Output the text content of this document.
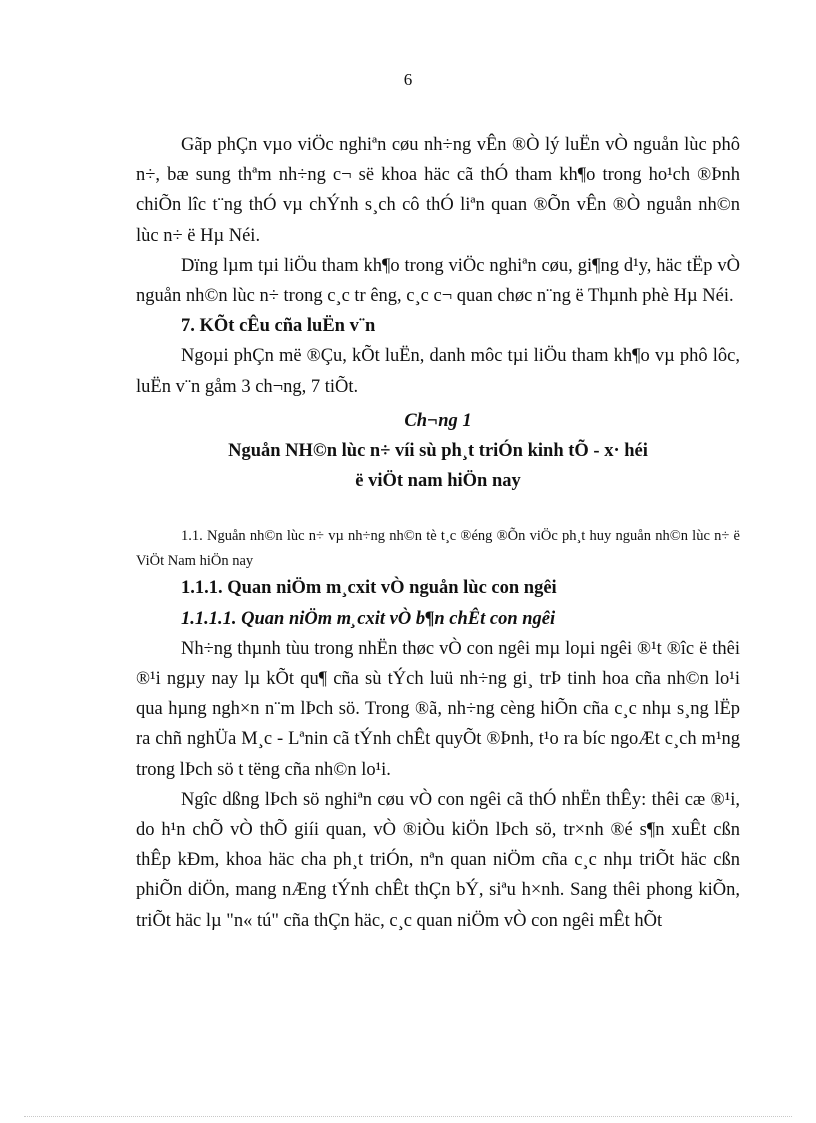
6

Gãp phÇn vµo viÖc nghiªn cøu nh÷ng vÊn ®Ò lý luËn vÒ nguån lùc phô n÷, bæ sung thªm nh÷ng c¬ së khoa häc cã thÓ tham kh¶o trong ho¹ch ®Þnh chiÕn lîc t¨ng thÓ vµ chÝnh s¸ch cô thÓ liªn quan ®Õn vÊn ®Ò nguån nh©n lùc n÷ ë Hµ Néi.

Dïng lµm tµi liÖu tham kh¶o trong viÖc nghiªn cøu, gi¶ng d¹y, häc tËp vÒ nguån nh©n lùc n÷ trong c¸c tr êng, c¸c c¬ quan chøc n¨ng ë Thµnh phè Hµ Néi.

7. KÕt cÊu cña luËn v¨n

Ngoµi phÇn më ®Çu, kÕt luËn, danh môc tµi liÖu tham kh¶o vµ phô lôc, luËn v¨n gåm 3 ch¬ng, 7 tiÕt.

Ch¬ng 1

Nguån NH©n lùc n÷ víi sù ph¸t triÓn kinh tÕ - x· héi

ë viÖt nam hiÖn nay

1.1. Nguån nh©n lùc n÷ vµ nh÷ng nh©n tè t¸c ®éng ®Õn viÖc ph¸t huy nguån nh©n lùc n÷ ë ViÖt Nam hiÖn nay

1.1.1. Quan niÖm m¸cxit vÒ nguån lùc con ngêi

1.1.1.1. Quan niÖm m¸cxit vÒ b¶n chÊt con ngêi

Nh÷ng thµnh tùu trong nhËn thøc vÒ con ngêi mµ loµi ngêi ®¹t ®îc ë thêi ®¹i ngµy nay lµ kÕt qu¶ cña sù tÝch luü nh÷ng gi¸ trÞ tinh hoa cña nh©n lo¹i qua hµng ngh×n n¨m lÞch sö. Trong ®ã, nh÷ng cèng hiÕn cña c¸c nhµ s¸ng lËp ra chñ nghÜa M¸c - Lªnin cã tÝnh chÊt quyÕt ®Þnh, t¹o ra bíc ngoÆt c¸ch m¹ng trong lÞch sö t tëng cña nh©n lo¹i.

Ngîc dßng lÞch sö nghiªn cøu vÒ con ngêi cã thÓ nhËn thÊy: thêi cæ ®¹i, do h¹n chÕ vÒ thÕ giíi quan, vÒ ®iÒu kiÖn lÞch sö, tr×nh ®é s¶n xuÊt cßn thÊp kÐm, khoa häc cha ph¸t triÓn, nªn quan niÖm cña c¸c nhµ triÕt häc cßn phiÕn diÖn, mang nÆng tÝnh chÊt thÇn bÝ, siªu h×nh. Sang thêi phong kiÕn, triÕt häc lµ "n« tú" cña thÇn häc, c¸c quan niÖm vÒ con ngêi mÊt hÕt
